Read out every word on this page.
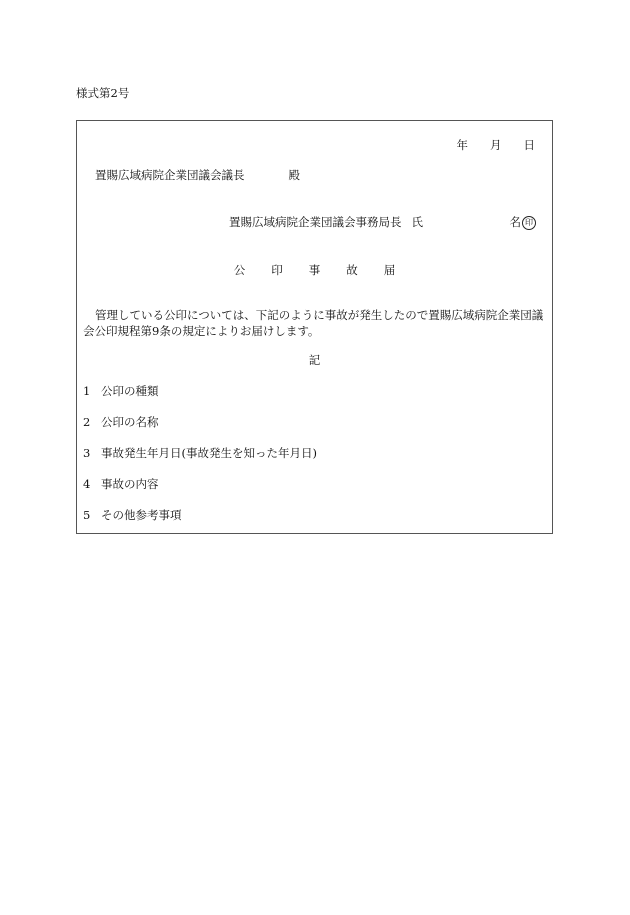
様式第2号
年 月 日
置賜広域病院企業団議会議長	殿
置賜広域病院企業団議会事務局長 氏	名 印
公 印 事 故 届
管理している公印については、下記のように事故が発生したので置賜広域病院企業団議会公印規程第9条の規定によりお届けします。
記
1 公印の種類
2 公印の名称
3 事故発生年月日(事故発生を知った年月日)
4 事故の内容
5 その他参考事項
